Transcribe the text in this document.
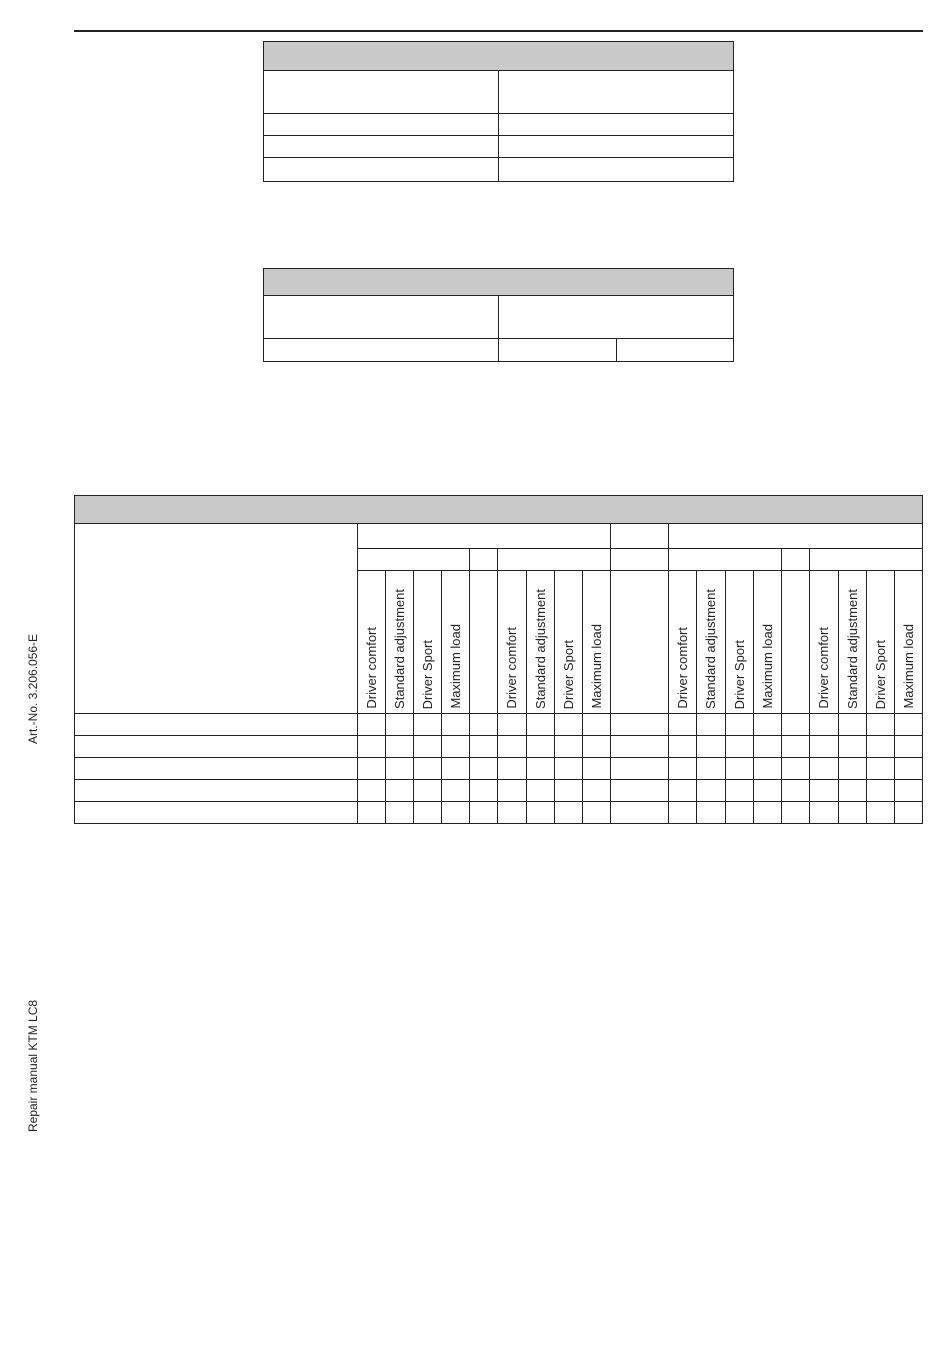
	Driver comfort	Standard adjustment	Driver Sport	Maximum load		Driver comfort	Standard adjustment	Driver Sport	Maximum load		Driver comfort	Standard adjustment	Driver Sport	Maximum load		Driver comfort	Standard adjustment	Driver Sport	Maximum load

Art.-No. 3.206.056-E
Repair manual KTM LC8
